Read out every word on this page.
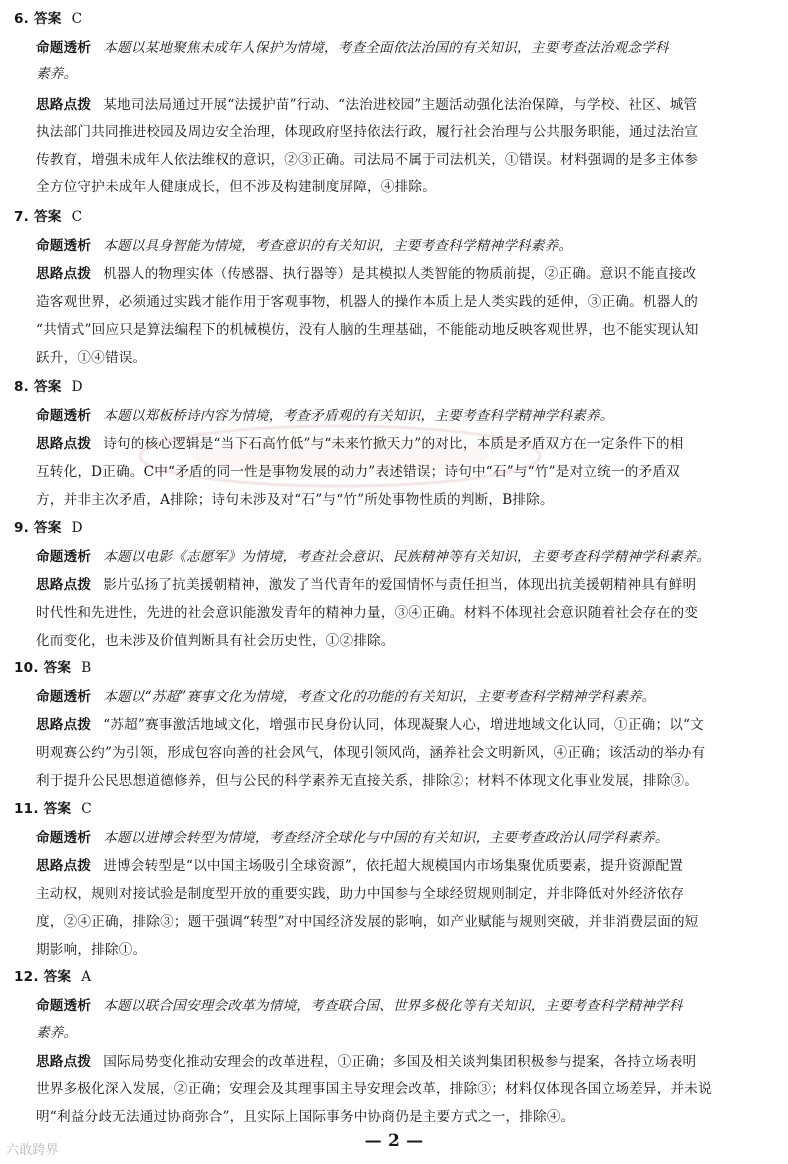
6. 答案 C
命题透析 本题以某地聚焦未成年人保护为情境，考查全面依法治国的有关知识，主要考查法治观念学科
素养。
思路点拨 某地司法局通过开展“法援护苗”行动、“法治进校园”主题活动强化法治保障，与学校、社区、城管
执法部门共同推进校园及周边安全治理，体现政府坚持依法行政，履行社会治理与公共服务职能，通过法治宣
传教育，增强未成年人依法维权的意识，②③正确。司法局不属于司法机关，①错误。材料强调的是多主体参
全方位守护未成年人健康成长，但不涉及构建制度屏障，④排除。
7. 答案 C
命题透析 本题以具身智能为情境，考查意识的有关知识，主要考查科学精神学科素养。
思路点拨 机器人的物理实体（传感器、执行器等）是其模拟人类智能的物质前提，②正确。意识不能直接改
造客观世界，必须通过实践才能作用于客观事物，机器人的操作本质上是人类实践的延伸，③正确。机器人的
“共情式”回应只是算法编程下的机械模仿，没有人脑的生理基础，不能能动地反映客观世界，也不能实现认知
跃升，①④错误。
8. 答案 D
命题透析 本题以郑板桥诗内容为情境，考查矛盾观的有关知识，主要考查科学精神学科素养。
思路点拨 诗句的核心逻辑是“当下石高竹低”与“未来竹掀天力”的对比，本质是矛盾双方在一定条件下的相
互转化，D正确。C中“矛盾的同一性是事物发展的动力”表述错误；诗句中“石”与“竹”是对立统一的矛盾双
方，并非主次矛盾，A排除；诗句未涉及对“石”与“竹”所处事物性质的判断，B排除。
9. 答案 D
命题透析 本题以电影《志愿军》为情境，考查社会意识、民族精神等有关知识，主要考查科学精神学科素养。
思路点拨 影片弘扬了抗美援朝精神，激发了当代青年的爱国情怀与责任担当，体现出抗美援朝精神具有鲜明
时代性和先进性，先进的社会意识能激发青年的精神力量，③④正确。材料不体现社会意识随着社会存在的变
化而变化，也未涉及价值判断具有社会历史性，①②排除。
10. 答案 B
命题透析 本题以“苏超”赛事文化为情境，考查文化的功能的有关知识，主要考查科学精神学科素养。
思路点拨 “苏超”赛事激活地域文化，增强市民身份认同，体现凝聚人心，增进地域文化认同，①正确；以“文
明观赛公约”为引领，形成包容向善的社会风气，体现引领风尚，涵养社会文明新风，④正确；该活动的举办有
利于提升公民思想道德修养，但与公民的科学素养无直接关系，排除②；材料不体现文化事业发展，排除③。
11. 答案 C
命题透析 本题以进博会转型为情境，考查经济全球化与中国的有关知识，主要考查政治认同学科素养。
思路点拨 进博会转型是“以中国主场吸引全球资源”，依托超大规模国内市场集聚优质要素，提升资源配置
主动权，规则对接试验是制度型开放的重要实践，助力中国参与全球经贸规则制定，并非降低对外经济依存
度，②④正确，排除③；题干强调“转型”对中国经济发展的影响，如产业赋能与规则突破，并非消费层面的短
期影响，排除①。
12. 答案 A
命题透析 本题以联合国安理会改革为情境，考查联合国、世界多极化等有关知识，主要考查科学精神学科
素养。
思路点拨 国际局势变化推动安理会的改革进程，①正确；多国及相关谈判集团积极参与提案，各持立场表明
世界多极化深入发展，②正确；安理会及其理事国主导安理会改革，排除③；材料仅体现各国立场差异，并未说
明“利益分歧无法通过协商弥合”，且实际上国际事务中协商仍是主要方式之一，排除④。
— 2 —
六敢跨界
